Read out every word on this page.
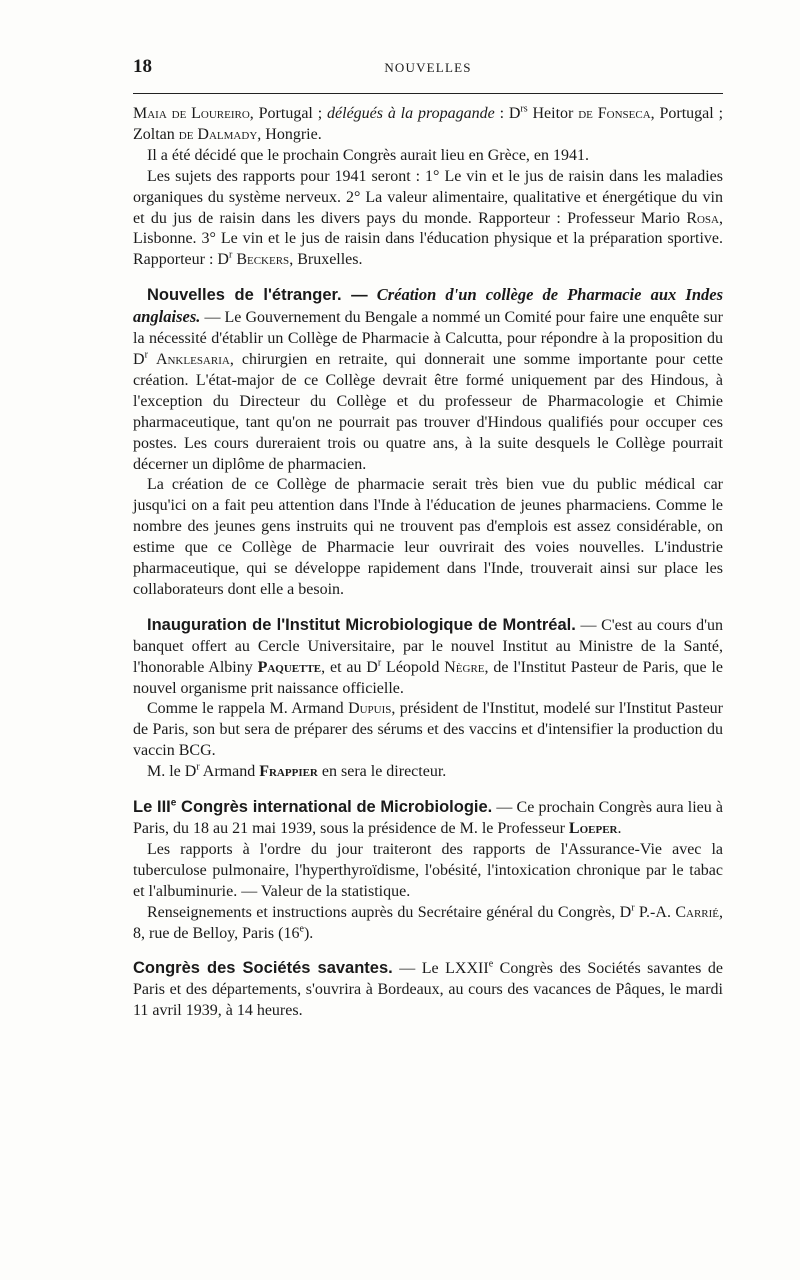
18	NOUVELLES

Maia de Loureiro, Portugal ; délégués à la propagande : $D^{rs}$ Heitor de Fonseca, Portugal ; Zoltan de Dalmady, Hongrie.

Il a été décidé que le prochain Congrès aurait lieu en Grèce, en 1941.

Les sujets des rapports pour 1941 seront : 1° Le vin et le jus de raisin dans les maladies organiques du système nerveux. 2° La valeur alimentaire, qualitative et énergétique du vin et du jus de raisin dans les divers pays du monde. Rapporteur : Professeur Mario Rosa, Lisbonne. 3° Le vin et le jus de raisin dans l'éducation physique et la préparation sportive. Rapporteur : $D^r$ Beckers, Bruxelles.

Nouvelles de l'étranger. — Création d'un collège de Pharmacie aux Indes anglaises. — Le Gouvernement du Bengale a nommé un Comité pour faire une enquête sur la nécessité d'établir un Collège de Pharmacie à Calcutta, pour répondre à la proposition du $D^r$ Anklesaria, chirurgien en retraite, qui donnerait une somme importante pour cette création. L'état-major de ce Collège devrait être formé uniquement par des Hindous, à l'exception du Directeur du Collège et du professeur de Pharmacologie et Chimie pharmaceutique, tant qu'on ne pourrait pas trouver d'Hindous qualifiés pour occuper ces postes. Les cours dureraient trois ou quatre ans, à la suite desquels le Collège pourrait décerner un diplôme de pharmacien.

La création de ce Collège de pharmacie serait très bien vue du public médical car jusqu'ici on a fait peu attention dans l'Inde à l'éducation de jeunes pharmaciens. Comme le nombre des jeunes gens instruits qui ne trouvent pas d'emplois est assez considérable, on estime que ce Collège de Pharmacie leur ouvrirait des voies nouvelles. L'industrie pharmaceutique, qui se développe rapidement dans l'Inde, trouverait ainsi sur place les collaborateurs dont elle a besoin.

Inauguration de l'Institut Microbiologique de Montréal. — C'est au cours d'un banquet offert au Cercle Universitaire, par le nouvel Institut au Ministre de la Santé, l'honorable Albiny Paquette, et au $D^r$ Léopold Nègre, de l'Institut Pasteur de Paris, que le nouvel organisme prit naissance officielle.

Comme le rappela M. Armand Dupuis, président de l'Institut, modelé sur l'Institut Pasteur de Paris, son but sera de préparer des sérums et des vaccins et d'intensifier la production du vaccin BCG.

M. le $D^r$ Armand Frappier en sera le directeur.

Le IIIe Congrès international de Microbiologie. — Ce prochain Congrès aura lieu à Paris, du 18 au 21 mai 1939, sous la présidence de M. le Professeur Loeper.

Les rapports à l'ordre du jour traiteront des rapports de l'Assurance-Vie avec la tuberculose pulmonaire, l'hyperthyroïdisme, l'obésité, l'intoxication chronique par le tabac et l'albuminurie. — Valeur de la statistique.

Renseignements et instructions auprès du Secrétaire général du Congrès, $D^r$ P.-A. Carrié, 8, rue de Belloy, Paris (16e).

Congrès des Sociétés savantes. — Le LXXIIe Congrès des Sociétés savantes de Paris et des départements, s'ouvrira à Bordeaux, au cours des vacances de Pâques, le mardi 11 avril 1939, à 14 heures.
